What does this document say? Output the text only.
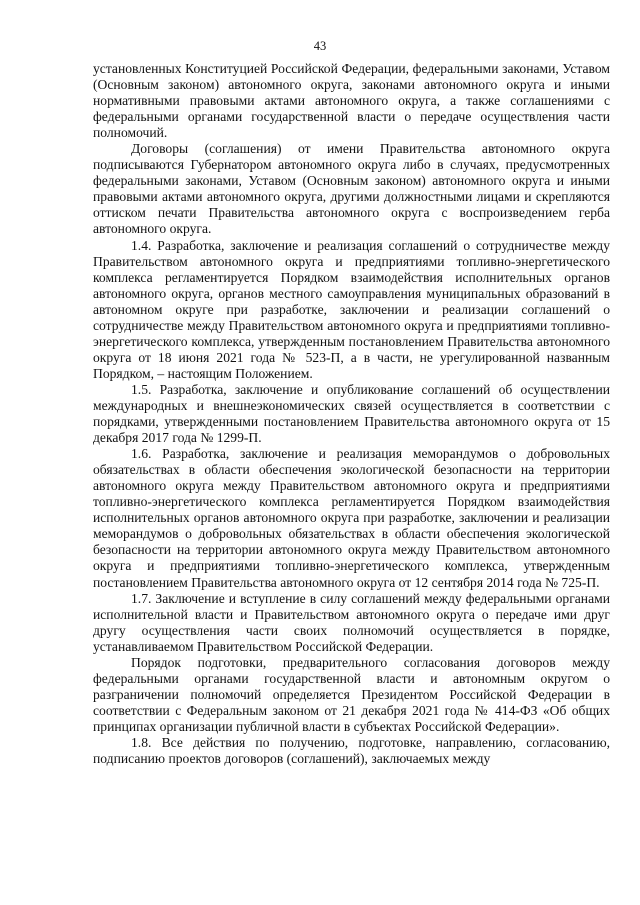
43

установленных Конституцией Российской Федерации, федеральными законами, Уставом (Основным законом) автономного округа, законами автономного округа и иными нормативными правовыми актами автономного округа, а также соглашениями с федеральными органами государственной власти о передаче осуществления части полномочий.

Договоры (соглашения) от имени Правительства автономного округа подписываются Губернатором автономного округа либо в случаях, предусмотренных федеральными законами, Уставом (Основным законом) автономного округа и иными правовыми актами автономного округа, другими должностными лицами и скрепляются оттиском печати Правительства автономного округа с воспроизведением герба автономного округа.

1.4. Разработка, заключение и реализация соглашений о сотрудничестве между Правительством автономного округа и предприятиями топливно-энергетического комплекса регламентируется Порядком взаимодействия исполнительных органов автономного округа, органов местного самоуправления муниципальных образований в автономном округе при разработке, заключении и реализации соглашений о сотрудничестве между Правительством автономного округа и предприятиями топливно-энергетического комплекса, утвержденным постановлением Правительства автономного округа от 18 июня 2021 года № 523-П, а в части, не урегулированной названным Порядком, – настоящим Положением.

1.5. Разработка, заключение и опубликование соглашений об осуществлении международных и внешнеэкономических связей осуществляется в соответствии с порядками, утвержденными постановлением Правительства автономного округа от 15 декабря 2017 года № 1299-П.

1.6. Разработка, заключение и реализация меморандумов о добровольных обязательствах в области обеспечения экологической безопасности на территории автономного округа между Правительством автономного округа и предприятиями топливно-энергетического комплекса регламентируется Порядком взаимодействия исполнительных органов автономного округа при разработке, заключении и реализации меморандумов о добровольных обязательствах в области обеспечения экологической безопасности на территории автономного округа между Правительством автономного округа и предприятиями топливно-энергетического комплекса, утвержденным постановлением Правительства автономного округа от 12 сентября 2014 года № 725-П.

1.7. Заключение и вступление в силу соглашений между федеральными органами исполнительной власти и Правительством автономного округа о передаче ими друг другу осуществления части своих полномочий осуществляется в порядке, устанавливаемом Правительством Российской Федерации.

Порядок подготовки, предварительного согласования договоров между федеральными органами государственной власти и автономным округом о разграничении полномочий определяется Президентом Российской Федерации в соответствии с Федеральным законом от 21 декабря 2021 года № 414-ФЗ «Об общих принципах организации публичной власти в субъектах Российской Федерации».

1.8. Все действия по получению, подготовке, направлению, согласованию, подписанию проектов договоров (соглашений), заключаемых между
